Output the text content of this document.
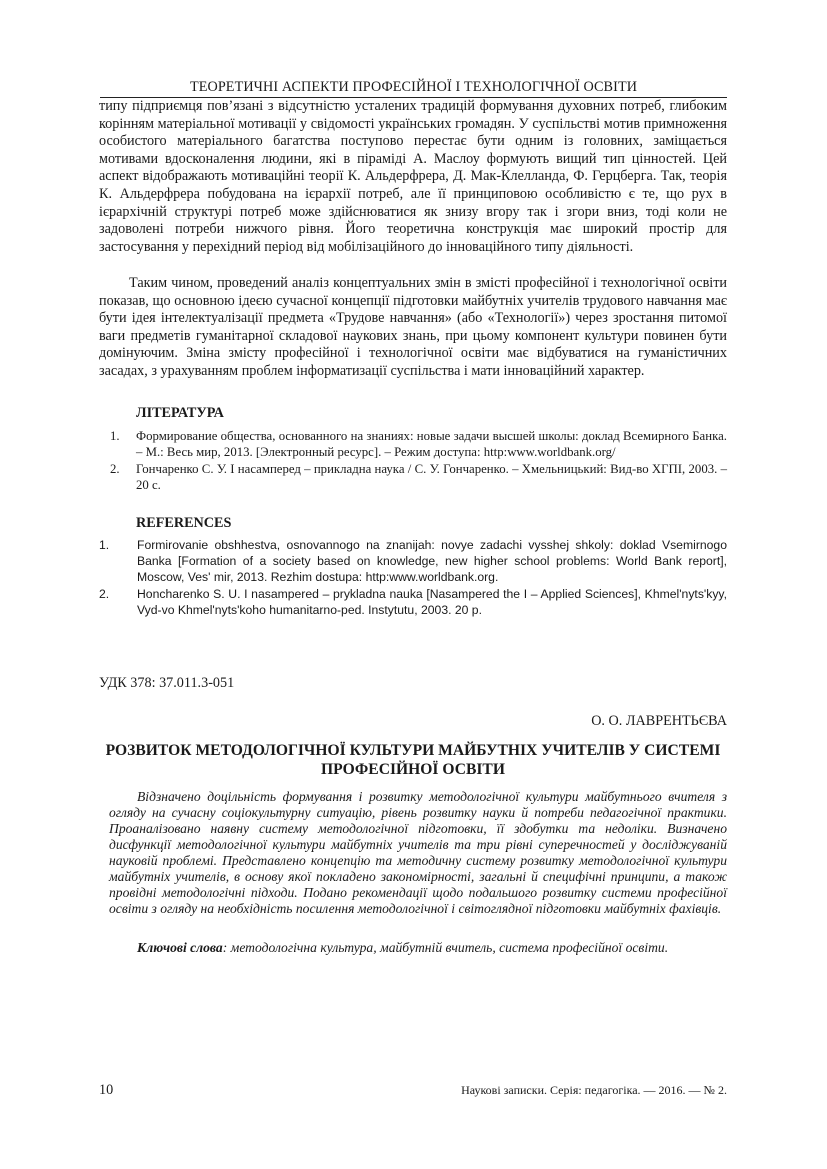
ТЕОРЕТИЧНІ АСПЕКТИ ПРОФЕСІЙНОЇ І ТЕХНОЛОГІЧНОЇ ОСВІТИ
типу підприємця пов’язані з відсутністю усталених традицій формування духовних потреб, глибоким корінням матеріальної мотивації у свідомості українських громадян. У суспільстві мотив примноження особистого матеріального багатства поступово перестає бути одним із головних, заміщається мотивами вдосконалення людини, які в піраміді А. Маслоу формують вищий тип цінностей. Цей аспект відображають мотиваційні теорії К. Альдерфрера, Д. Мак-Клелланда, Ф. Герцберга. Так, теорія К. Альдерфрера побудована на ієрархії потреб, але її принциповою особливістю є те, що рух в ієрархічній структурі потреб може здійснюватися як знизу вгору так і згори вниз, тоді коли не задоволені потреби нижчого рівня. Його теоретична конструкція має широкий простір для застосування у перехідний період від мобілізаційного до інноваційного типу діяльності.
Таким чином, проведений аналіз концептуальних змін в змісті професійної і технологічної освіти показав, що основною ідеєю сучасної концепції підготовки майбутніх учителів трудового навчання має бути ідея інтелектуалізації предмета «Трудове навчання» (або «Технології») через зростання питомої ваги предметів гуманітарної складової наукових знань, при цьому компонент культури повинен бути домінуючим. Зміна змісту професійної і технологічної освіти має відбуватися на гуманістичних засадах, з урахуванням проблем інформатизації суспільства і мати інноваційний характер.
ЛІТЕРАТУРА
1. Формирование общества, основанного на знаниях: новые задачи высшей школы: доклад Всемирного Банка. – М.: Весь мир, 2013. [Электронный ресурс]. – Режим доступа: http:www.worldbank.org/
2. Гончаренко С. У. І насамперед – прикладна наука / С. У. Гончаренко. – Хмельницький: Вид-во ХГПІ, 2003. – 20 с.
REFERENCES
1. Formirovanie obshhestva, osnovannogo na znanijah: novye zadachi vysshej shkoly: doklad Vsemirnogo Banka [Formation of a society based on knowledge, new higher school problems: World Bank report], Moscow, Ves' mir, 2013. Rezhim dostupa: http:www.worldbank.org.
2. Honcharenko S. U. I nasampered – prykladna nauka [Nasampered the I – Applied Sciences], Khmel'nyts'kyy, Vyd-vo Khmel'nyts'koho humanitarno-ped. Instytutu, 2003. 20 р.
УДК 378: 37.011.3-051
О. О. ЛАВРЕНТЬЄВА
РОЗВИТОК МЕТОДОЛОГІЧНОЇ КУЛЬТУРИ МАЙБУТНІХ УЧИТЕЛІВ У СИСТЕМІ ПРОФЕСІЙНОЇ ОСВІТИ
Відзначено доцільність формування і розвитку методологічної культури майбутнього вчителя з огляду на сучасну соціокультурну ситуацію, рівень розвитку науки й потреби педагогічної практики. Проаналізовано наявну систему методологічної підготовки, її здобутки та недоліки. Визначено дисфункції методологічної культури майбутніх учителів та три рівні суперечностей у досліджуваній науковій проблемі. Представлено концепцію та методичну систему розвитку методологічної культури майбутніх учителів, в основу якої покладено закономірності, загальні й специфічні принципи, а також провідні методологічні підходи. Подано рекомендації щодо подальшого розвитку системи професійної освіти з огляду на необхідність посилення методологічної і світоглядної підготовки майбутніх фахівців.
Ключові слова: методологічна культура, майбутній вчитель, система професійної освіти.
10	Наукові записки. Серія: педагогіка. — 2016. — № 2.
